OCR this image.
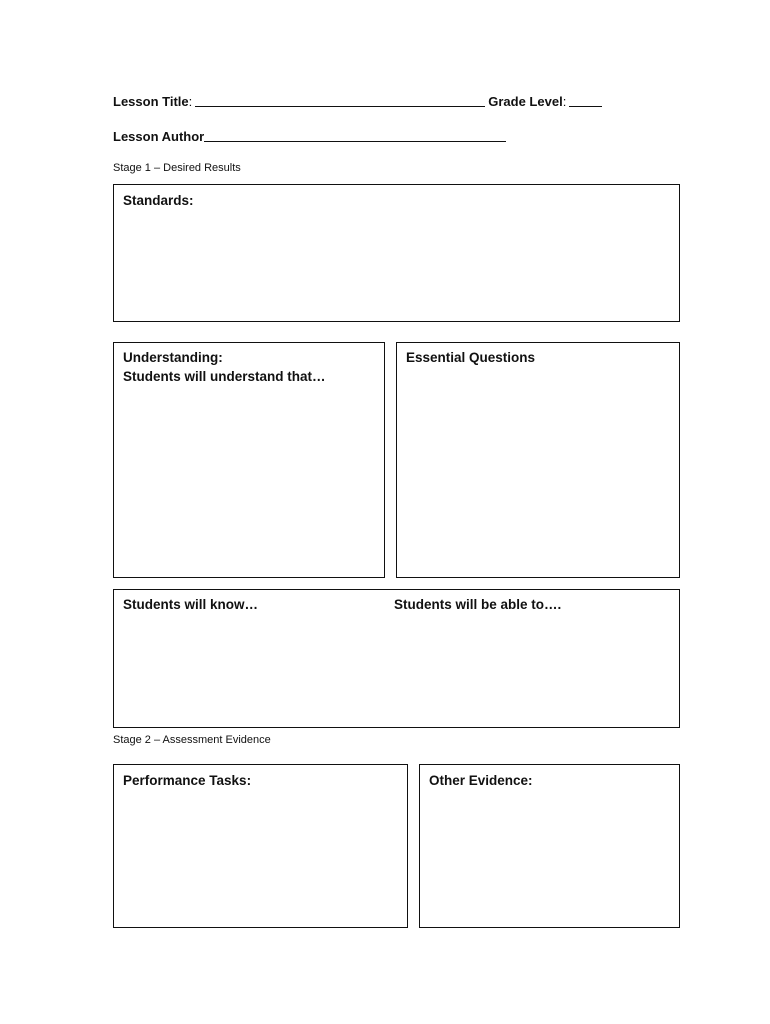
Lesson Title :	Grade Level :
Lesson Author
Stage 1 – Desired Results
Standards:
Understanding:
Students will understand that…
Essential Questions
Students will know…	Students will be able to….
Stage 2 – Assessment Evidence
Performance Tasks:	Other Evidence:
